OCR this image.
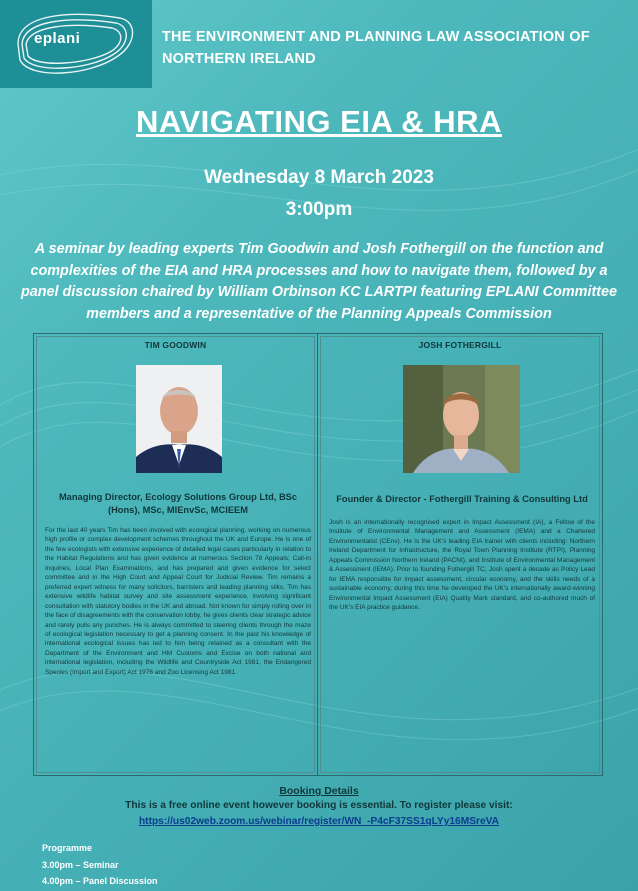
eplani	THE ENVIRONMENT AND PLANNING LAW ASSOCIATION OF
NORTHERN IRELAND
NAVIGATING EIA & HRA
Wednesday 8 March 2023
3:00pm
A seminar by leading experts Tim Goodwin and Josh Fothergill on the function and complexities of the EIA and HRA processes and how to navigate them, followed by a panel discussion chaired by William Orbinson KC LARTPI featuring EPLANI Committee members and a representative of the Planning Appeals Commission
TIM GOODWIN
Managing Director, Ecology Solutions Group Ltd, BSc (Hons), MSc, MIEnvSc, MCIEEM
For the last 40 years Tim has been involved with ecological planning, working on numerous high profile or complex development schemes throughout the UK and Europe. He is one of the few ecologists with extensive experience of detailed legal cases particularly in relation to the Habitat Regulations and has given evidence at numerous Section 78 Appeals; Call-in Inquiries, Local Plan Examinations, and has prepared and given evidence for select committee and in the High Court and Appeal Court for Judicial Review. Tim remains a preferred expert witness for many solicitors, barristers and leading planning silks. Tim has extensive wildlife habitat survey and site assessment experience, involving significant consultation with statutory bodies in the UK and abroad. Not known for simply rolling over in the face of disagreements with the conservation lobby, he gives clients clear strategic advice and rarely pulls any punches. He is always committed to steering clients through the maze of ecological legislation necessary to get a planning consent. In the past his knowledge of international ecological issues has led to him being retained as a consultant with the Department of the Environment and HM Customs and Excise on both national and international legislation, including the Wildlife and Countryside Act 1981, the Endangered Species (Import and Export) Act 1976 and Zoo Licensing Act 1981.
JOSH FOTHERGILL
Founder & Director - Fothergill Training & Consulting Ltd
Josh is an internationally recognised expert in Impact Assessment (IA), a Fellow of the Institute of Environmental Management and Assessment (IEMA) and a Chartered Environmentalist (CEnv). He is the UK's leading EIA trainer with clients including: Northern Ireland Department for Infrastructure, the Royal Town Planning Institute (RTPI), Planning Appeals Commission Northern Ireland (PACNI), and Institute of Environmental Management & Assessment (IEMA). Prior to founding Fothergill TC, Josh spent a decade as Policy Lead for IEMA responsible for impact assessment, circular economy, and the skills needs of a sustainable economy, during this time he developed the UK's internationally award-winning Environmental Impact Assessment (EIA) Quality Mark standard, and co-authored much of the UK's EIA practice guidance.
Booking Details
This is a free online event however booking is essential. To register please visit:
https://us02web.zoom.us/webinar/register/WN_-P4cF37SS1qLYy16MSreVA
Programme
3.00pm – Seminar
4.00pm – Panel Discussion
